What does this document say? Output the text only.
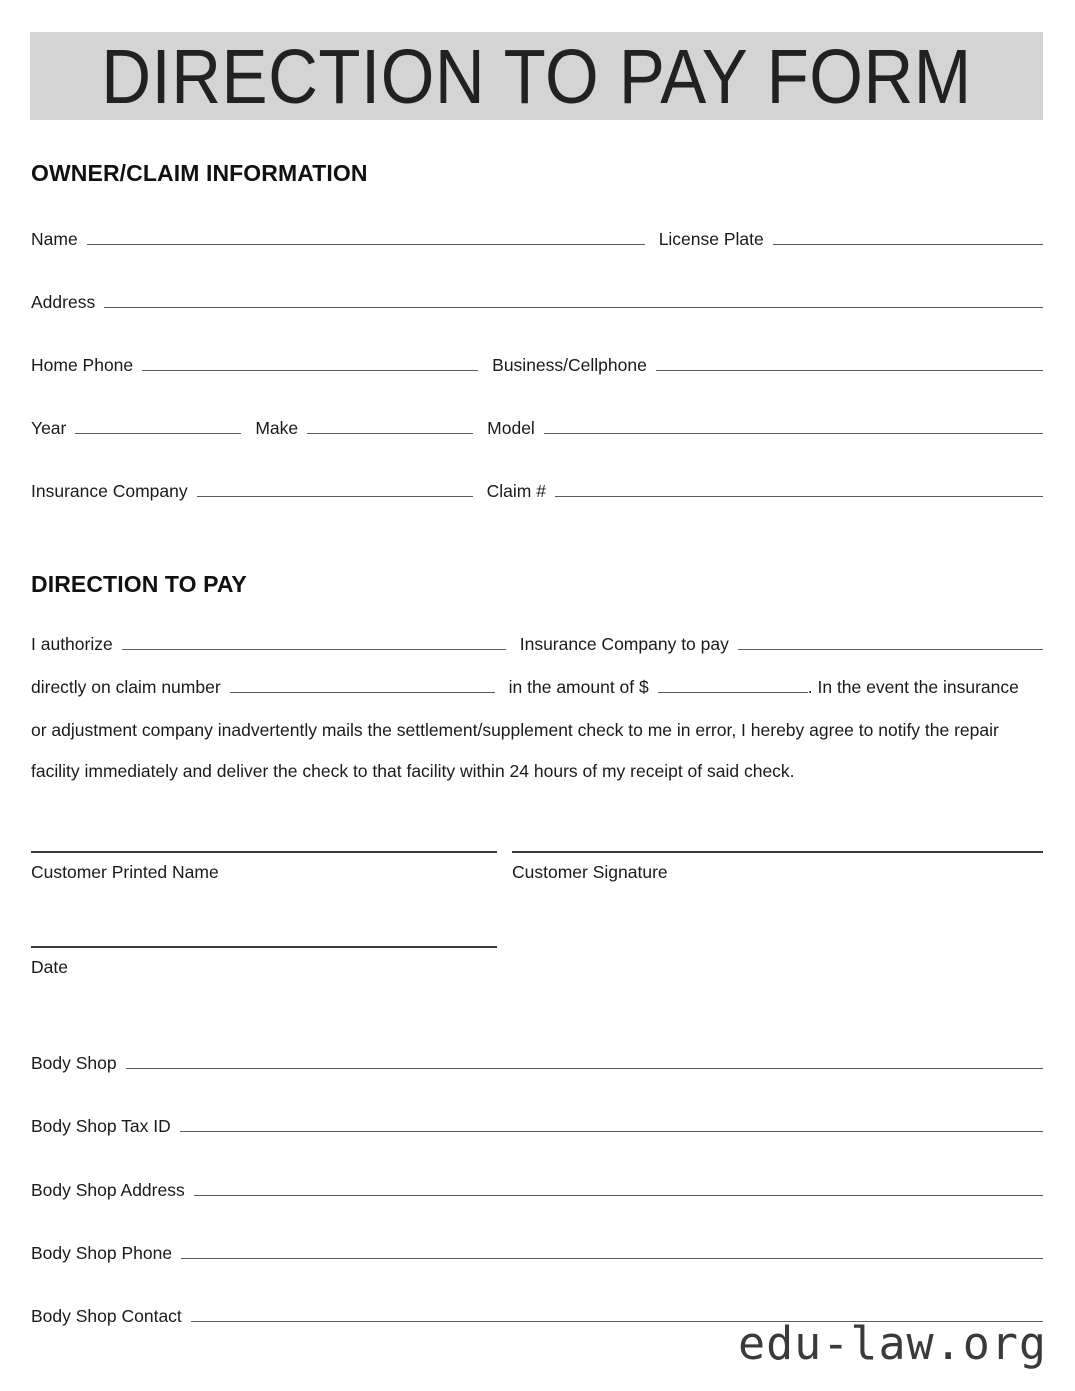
DIRECTION TO PAY FORM
OWNER/CLAIM INFORMATION
Name	License Plate
Address
Home Phone	Business/Cellphone
Year	Make	Model
Insurance Company	Claim #
DIRECTION TO PAY
I authorize	Insurance Company to pay
directly on claim number	in the amount of $	. In the event the insurance
or adjustment company inadvertently mails the settlement/supplement check to me in error, I hereby agree to notify the repair
facility immediately and deliver the check to that facility within 24 hours of my receipt of said check.
Customer Printed Name	Customer Signature
Date
Body Shop
Body Shop Tax ID
Body Shop Address
Body Shop Phone
Body Shop Contact
edu-law.org
